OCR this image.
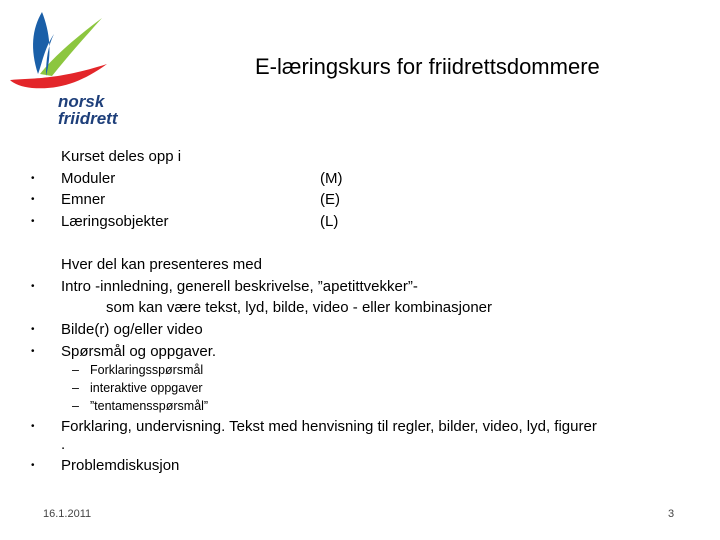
norsk
friidrett
E-læringskurs for friidrettsdommere
Kurset deles opp i
• Moduler	(M)
• Emner	(E)
• Læringsobjekter	(L)
Hver del kan presenteres med
• Intro -innledning, generell beskrivelse, ”apetittvekker”-
som kan være tekst, lyd, bilde, video - eller kombinasjoner
• Bilde(r) og/eller video
• Spørsmål og oppgaver.
– Forklaringsspørsmål
– interaktive oppgaver
– ”tentamensspørsmål”
• Forklaring, undervisning. Tekst med henvisning til regler, bilder, video, lyd, figurer
.
• Problemdiskusjon
16.1.2011	3
